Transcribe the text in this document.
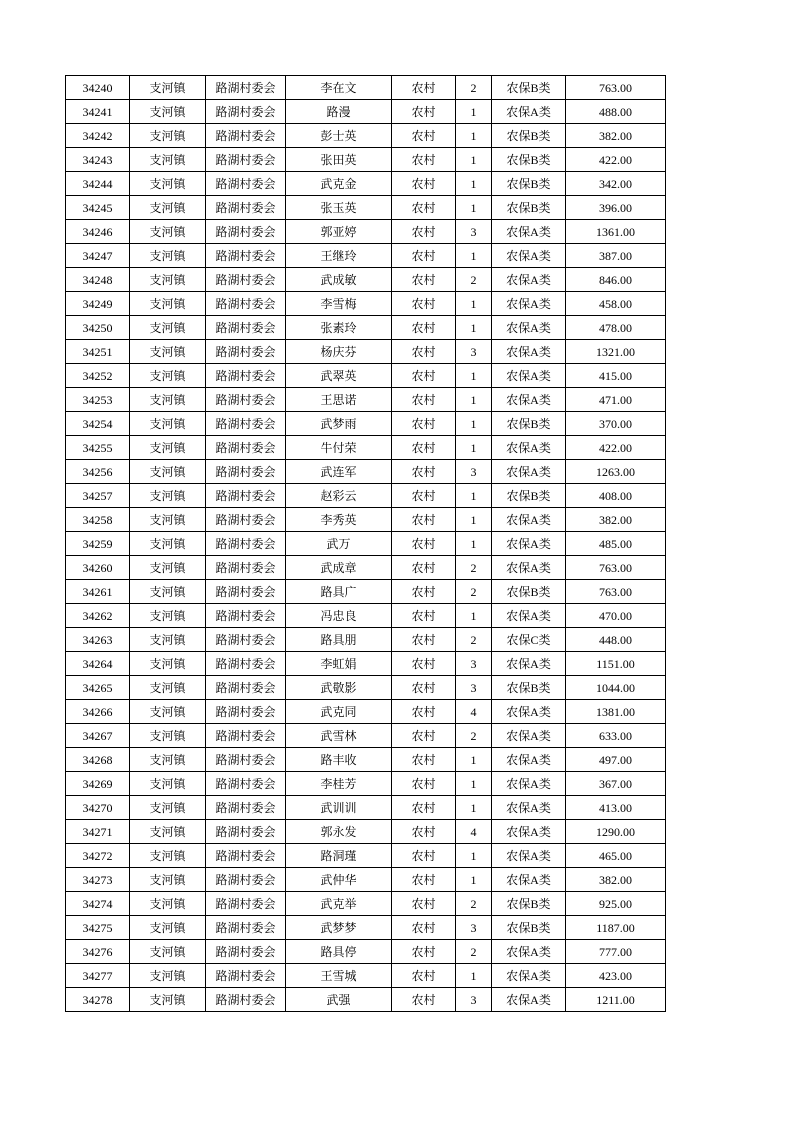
34240	支河镇	路湖村委会	李在文	农村	2	农保B类	763.00
34241	支河镇	路湖村委会	路漫	农村	1	农保A类	488.00
34242	支河镇	路湖村委会	彭士英	农村	1	农保B类	382.00
34243	支河镇	路湖村委会	张田英	农村	1	农保B类	422.00
34244	支河镇	路湖村委会	武克金	农村	1	农保B类	342.00
34245	支河镇	路湖村委会	张玉英	农村	1	农保B类	396.00
34246	支河镇	路湖村委会	郭亚婷	农村	3	农保A类	1361.00
34247	支河镇	路湖村委会	王继玲	农村	1	农保A类	387.00
34248	支河镇	路湖村委会	武成敏	农村	2	农保A类	846.00
34249	支河镇	路湖村委会	李雪梅	农村	1	农保A类	458.00
34250	支河镇	路湖村委会	张素玲	农村	1	农保A类	478.00
34251	支河镇	路湖村委会	杨庆芬	农村	3	农保A类	1321.00
34252	支河镇	路湖村委会	武翠英	农村	1	农保A类	415.00
34253	支河镇	路湖村委会	王思诺	农村	1	农保A类	471.00
34254	支河镇	路湖村委会	武梦雨	农村	1	农保B类	370.00
34255	支河镇	路湖村委会	牛付荣	农村	1	农保A类	422.00
34256	支河镇	路湖村委会	武连军	农村	3	农保A类	1263.00
34257	支河镇	路湖村委会	赵彩云	农村	1	农保B类	408.00
34258	支河镇	路湖村委会	李秀英	农村	1	农保A类	382.00
34259	支河镇	路湖村委会	武万	农村	1	农保A类	485.00
34260	支河镇	路湖村委会	武成章	农村	2	农保A类	763.00
34261	支河镇	路湖村委会	路具广	农村	2	农保B类	763.00
34262	支河镇	路湖村委会	冯忠良	农村	1	农保A类	470.00
34263	支河镇	路湖村委会	路具朋	农村	2	农保C类	448.00
34264	支河镇	路湖村委会	李虹娟	农村	3	农保A类	1151.00
34265	支河镇	路湖村委会	武敬影	农村	3	农保B类	1044.00
34266	支河镇	路湖村委会	武克同	农村	4	农保A类	1381.00
34267	支河镇	路湖村委会	武雪林	农村	2	农保A类	633.00
34268	支河镇	路湖村委会	路丰收	农村	1	农保A类	497.00
34269	支河镇	路湖村委会	李桂芳	农村	1	农保A类	367.00
34270	支河镇	路湖村委会	武训训	农村	1	农保A类	413.00
34271	支河镇	路湖村委会	郭永发	农村	4	农保A类	1290.00
34272	支河镇	路湖村委会	路洞瑾	农村	1	农保A类	465.00
34273	支河镇	路湖村委会	武仲华	农村	1	农保A类	382.00
34274	支河镇	路湖村委会	武克举	农村	2	农保B类	925.00
34275	支河镇	路湖村委会	武梦梦	农村	3	农保B类	1187.00
34276	支河镇	路湖村委会	路具停	农村	2	农保A类	777.00
34277	支河镇	路湖村委会	王雪城	农村	1	农保A类	423.00
34278	支河镇	路湖村委会	武强	农村	3	农保A类	1211.00
